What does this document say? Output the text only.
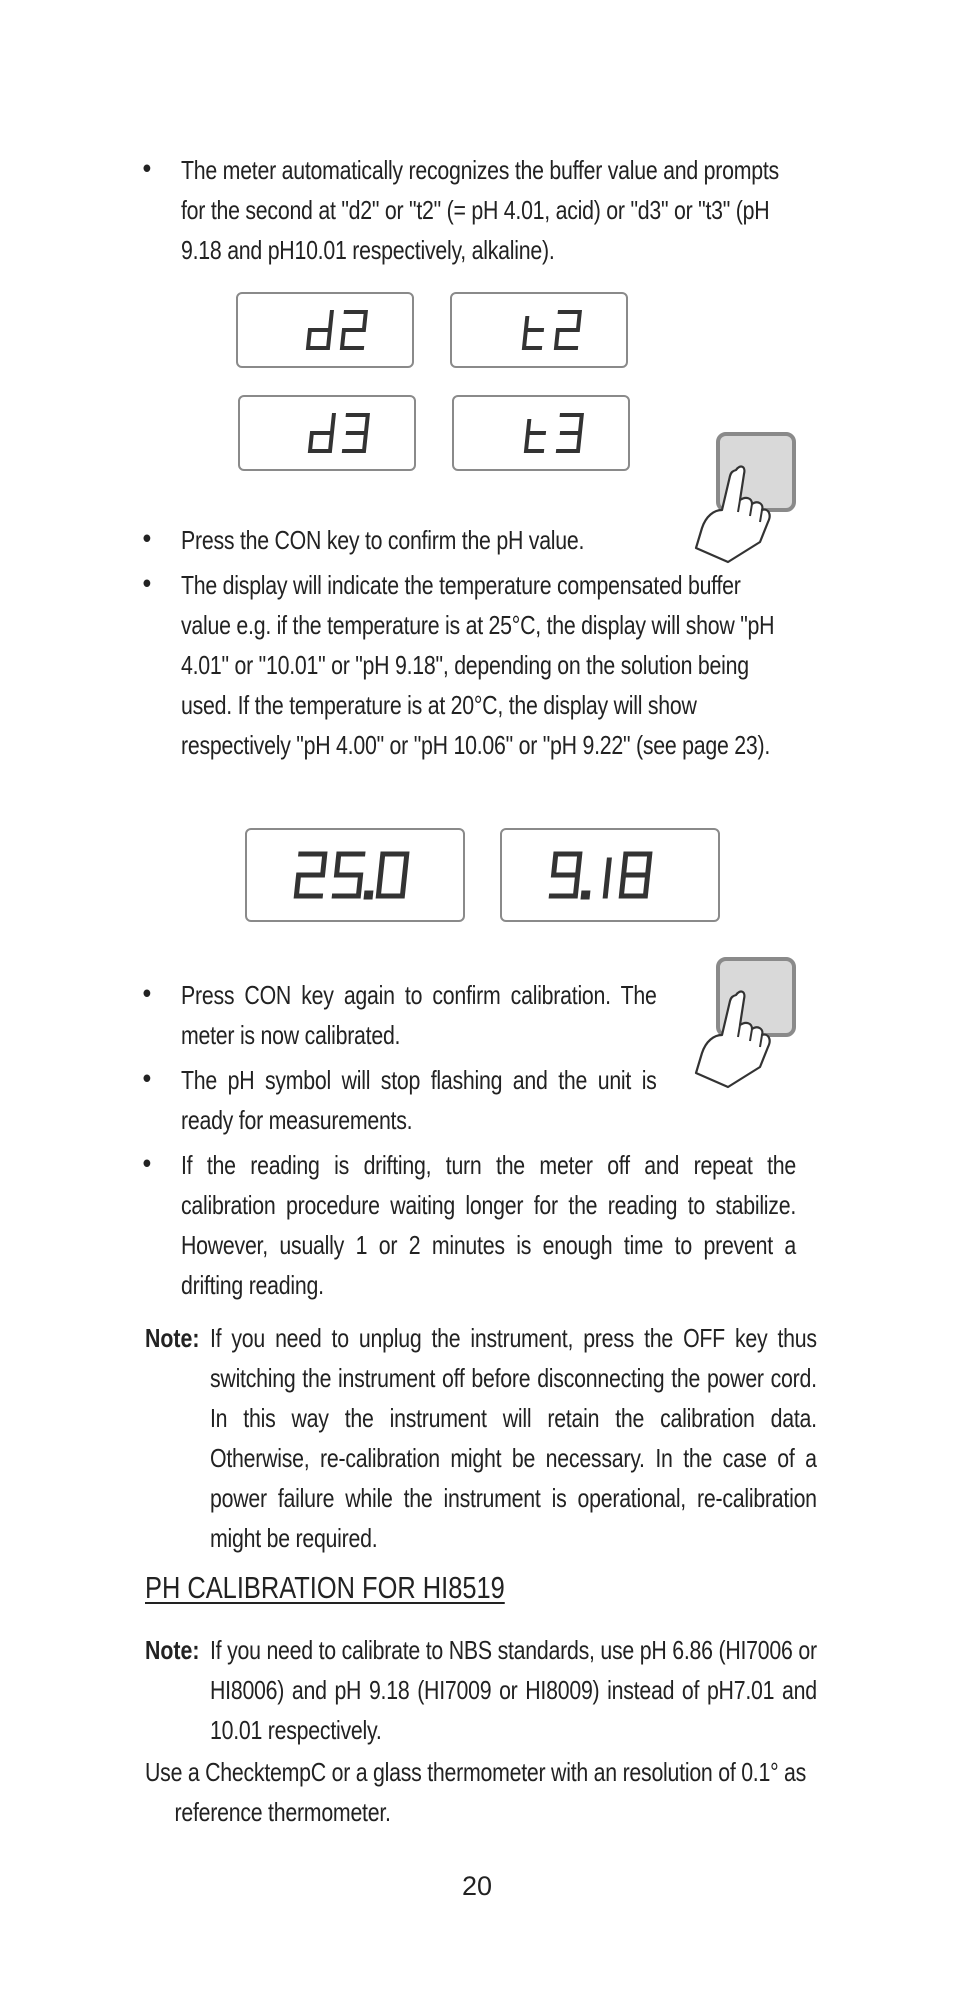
• The meter automatically recognizes the buffer value and prompts for the second at "d2" or "t2" (= pH 4.01, acid) or "d3" or "t3" (pH 9.18 and pH10.01 respectively, alkaline).
• Press the CON key to confirm the pH value.
• The display will indicate the temperature compensated buffer value e.g. if the temperature is at 25°C, the display will show "pH 4.01" or "10.01" or "pH 9.18", depending on the solution being used. If the temperature is at 20°C, the display will show respectively "pH 4.00" or "pH 10.06" or "pH 9.22" (see page 23).
• Press CON key again to confirm calibration. The meter is now calibrated.
• The pH symbol will stop flashing and the unit is ready for measurements.
• If the reading is drifting, turn the meter off and repeat the calibration procedure waiting longer for the reading to stabilize. However, usually 1 or 2 minutes is enough time to prevent a drifting reading.
Note: If you need to unplug the instrument, press the OFF key thus switching the instrument off before disconnecting the power cord. In this way the instrument will retain the calibration data. Otherwise, re-calibration might be necessary. In the case of a power failure while the instrument is operational, re-calibration might be required.
PH CALIBRATION FOR HI8519
Note: If you need to calibrate to NBS standards, use pH 6.86 (HI7006 or HI8006) and pH 9.18 (HI7009 or HI8009) instead of pH7.01 and 10.01 respectively.
Use a ChecktempC or a glass thermometer with an resolution of 0.1° as reference thermometer.
20
